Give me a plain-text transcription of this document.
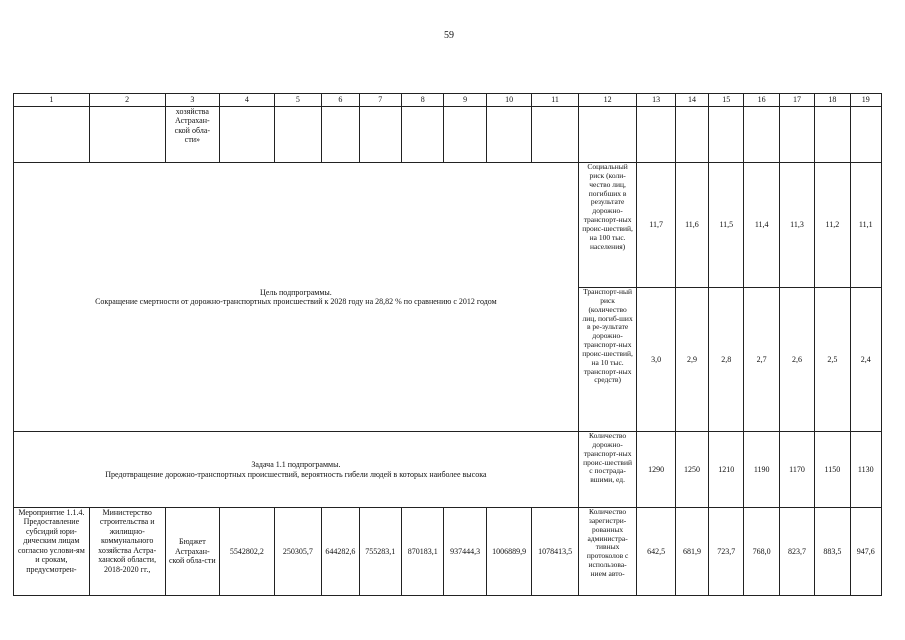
59
1	2	3	4	5	6	7	8	9	10	11	12	13	14	15	16	17	18	19
		хозяйства Астрахан-ской обла-сти»																

Цель подпрограммы.
Сокращение смертности от дорожно-транспортных происшествий к 2028 году на 28,82 % по сравнению с 2012 годом											Социальный риск (коли-чество лиц, погибших в результате дорожно-транспорт-ных проис-шествий, на 100 тыс. населения)	11,7	11,6	11,5	11,4	11,3	11,2	11,1
											Транспорт-ный риск (количество лиц, погиб-ших в ре-зультате дорожно-транспорт-ных проис-шествий, на 10 тыс. транспорт-ных средств)	3,0	2,9	2,8	2,7	2,6	2,5	2,4

Задача 1.1 подпрограммы.
Предотвращение дорожно-транспортных происшествий, вероятность гибели людей в которых наиболее высока											Количество дорожно-транспорт-ных проис-шествий с пострада-вшими, ед.	1290	1250	1210	1190	1170	1150	1130
Мероприятие 1.1.4. Предоставление субсидий юри-дическим лицам согласно услови-ям и срокам, предусмотрен-	Министерство строительства и жилищно-коммунального хозяйства Астра-ханской области, 2018-2020 гг.,	Бюджет Астрахан-ской обла-сти	5542802,2	250305,7	644282,6	755283,1	870183,1	937444,3	1006889,9	1078413,5	Количество зарегистри-рованных администра-тивных протоколов с использова-нием авто-	642,5	681,9	723,7	768,0	823,7	883,5	947,6
